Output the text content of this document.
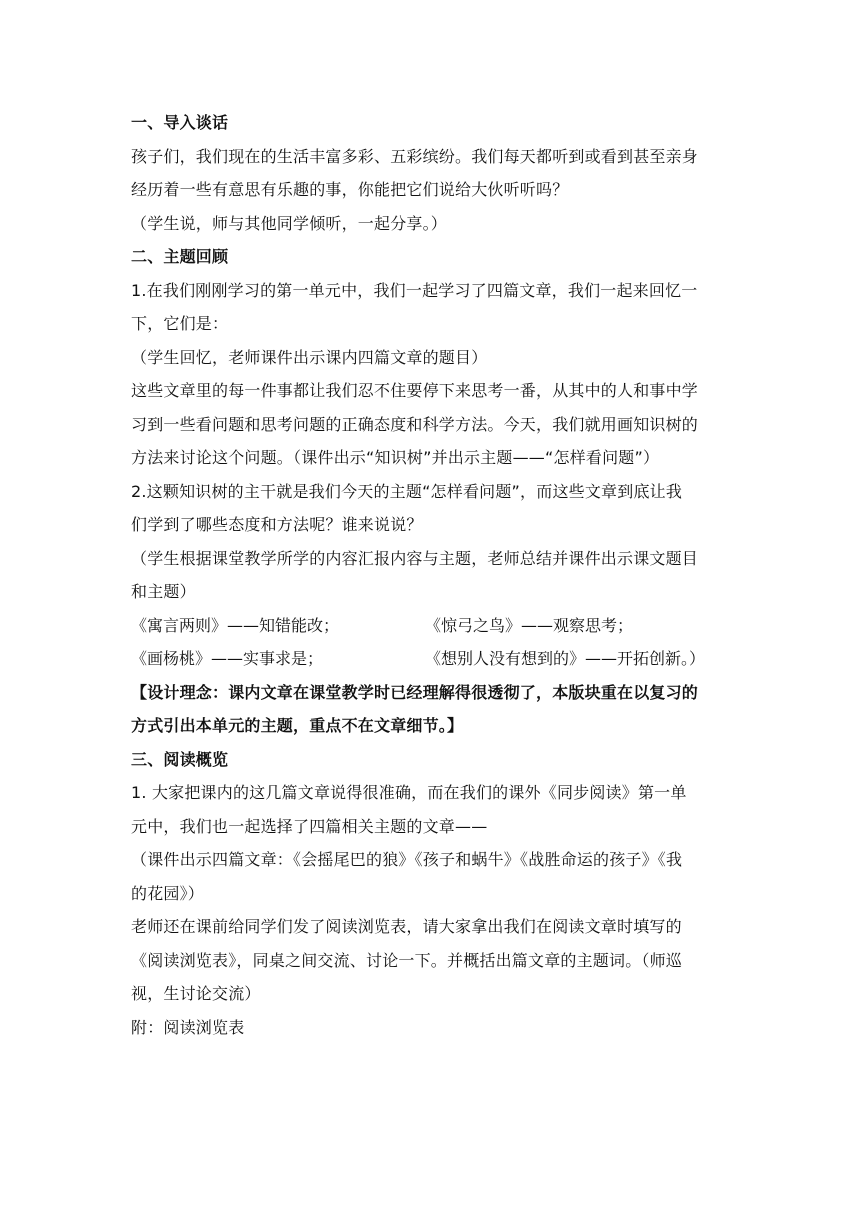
一、导入谈话
孩子们，我们现在的生活丰富多彩、五彩缤纷。我们每天都听到或看到甚至亲身
经历着一些有意思有乐趣的事，你能把它们说给大伙听听吗？
（学生说，师与其他同学倾听，一起分享。）
二、主题回顾
1.在我们刚刚学习的第一单元中，我们一起学习了四篇文章，我们一起来回忆一
下，它们是：
（学生回忆，老师课件出示课内四篇文章的题目）
这些文章里的每一件事都让我们忍不住要停下来思考一番，从其中的人和事中学
习到一些看问题和思考问题的正确态度和科学方法。今天，我们就用画知识树的
方法来讨论这个问题。（课件出示“知识树”并出示主题——“怎样看问题”）
2.这颗知识树的主干就是我们今天的主题“怎样看问题”，而这些文章到底让我
们学到了哪些态度和方法呢？谁来说说？
（学生根据课堂教学所学的内容汇报内容与主题，老师总结并课件出示课文题目
和主题）
《寓言两则》——知错能改；	《惊弓之鸟》——观察思考；
《画杨桃》——实事求是；	《想别人没有想到的》——开拓创新。）
【设计理念：课内文章在课堂教学时已经理解得很透彻了，本版块重在以复习的
方式引出本单元的主题，重点不在文章细节。】
三、阅读概览
1. 大家把课内的这几篇文章说得很准确，而在我们的课外《同步阅读》第一单
元中，我们也一起选择了四篇相关主题的文章——
（课件出示四篇文章：《会摇尾巴的狼》《孩子和蜗牛》《战胜命运的孩子》《我
的花园》）
老师还在课前给同学们发了阅读浏览表，请大家拿出我们在阅读文章时填写的
《阅读浏览表》，同桌之间交流、讨论一下。并概括出篇文章的主题词。（师巡
视，生讨论交流）
附：阅读浏览表
